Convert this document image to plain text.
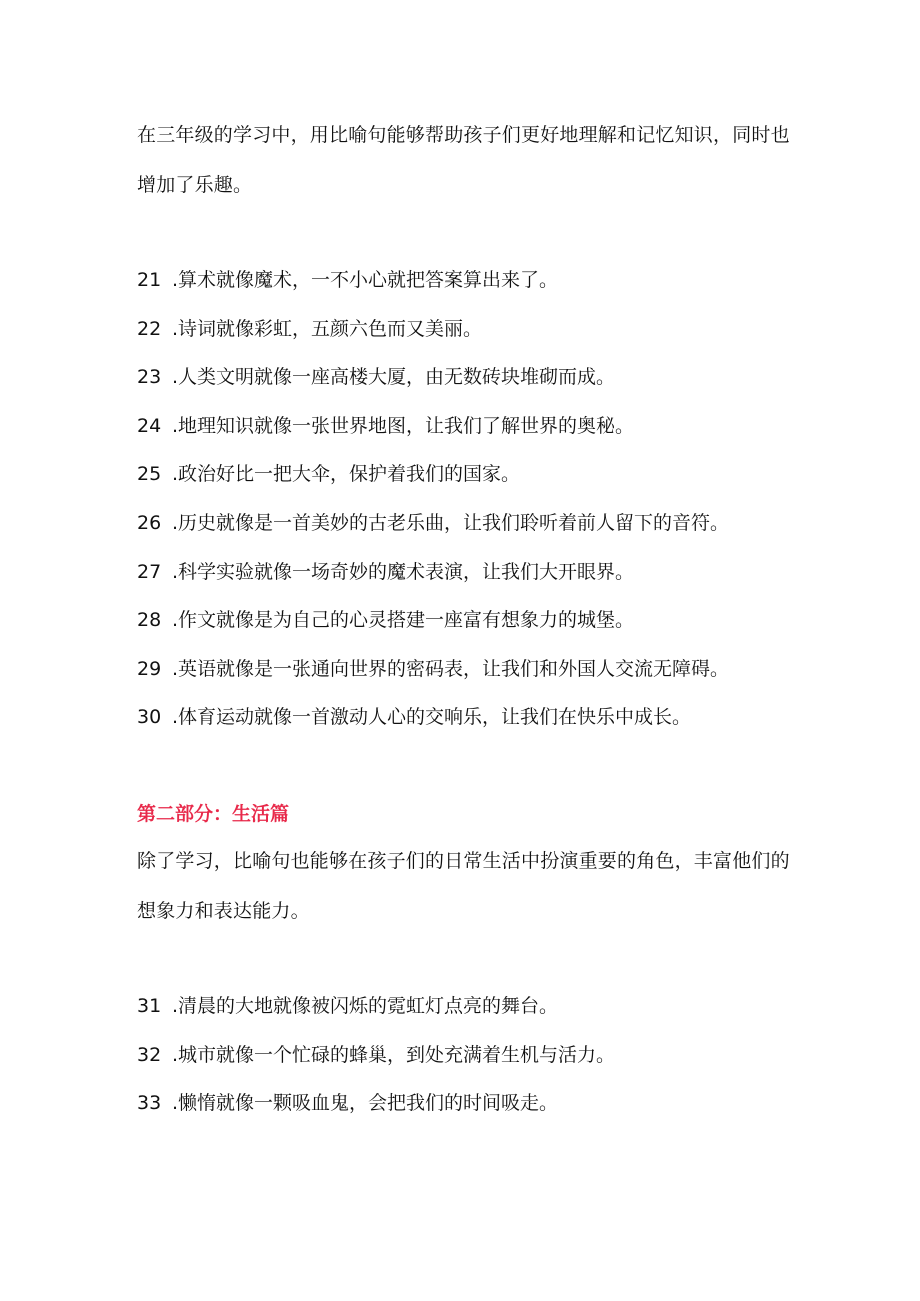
在三年级的学习中，用比喻句能够帮助孩子们更好地理解和记忆知识，同时也增加了乐趣。

21 .算术就像魔术，一不小心就把答案算出来了。

22 .诗词就像彩虹，五颜六色而又美丽。

23 .人类文明就像一座高楼大厦，由无数砖块堆砌而成。

24 .地理知识就像一张世界地图，让我们了解世界的奥秘。

25 .政治好比一把大伞，保护着我们的国家。

26 .历史就像是一首美妙的古老乐曲，让我们聆听着前人留下的音符。

27 .科学实验就像一场奇妙的魔术表演，让我们大开眼界。

28 .作文就像是为自己的心灵搭建一座富有想象力的城堡。

29 .英语就像是一张通向世界的密码表，让我们和外国人交流无障碍。

30 .体育运动就像一首激动人心的交响乐，让我们在快乐中成长。

第二部分：生活篇

除了学习，比喻句也能够在孩子们的日常生活中扮演重要的角色，丰富他们的想象力和表达能力。

31 .清晨的大地就像被闪烁的霓虹灯点亮的舞台。

32 .城市就像一个忙碌的蜂巢，到处充满着生机与活力。

33 .懒惰就像一颗吸血鬼，会把我们的时间吸走。
